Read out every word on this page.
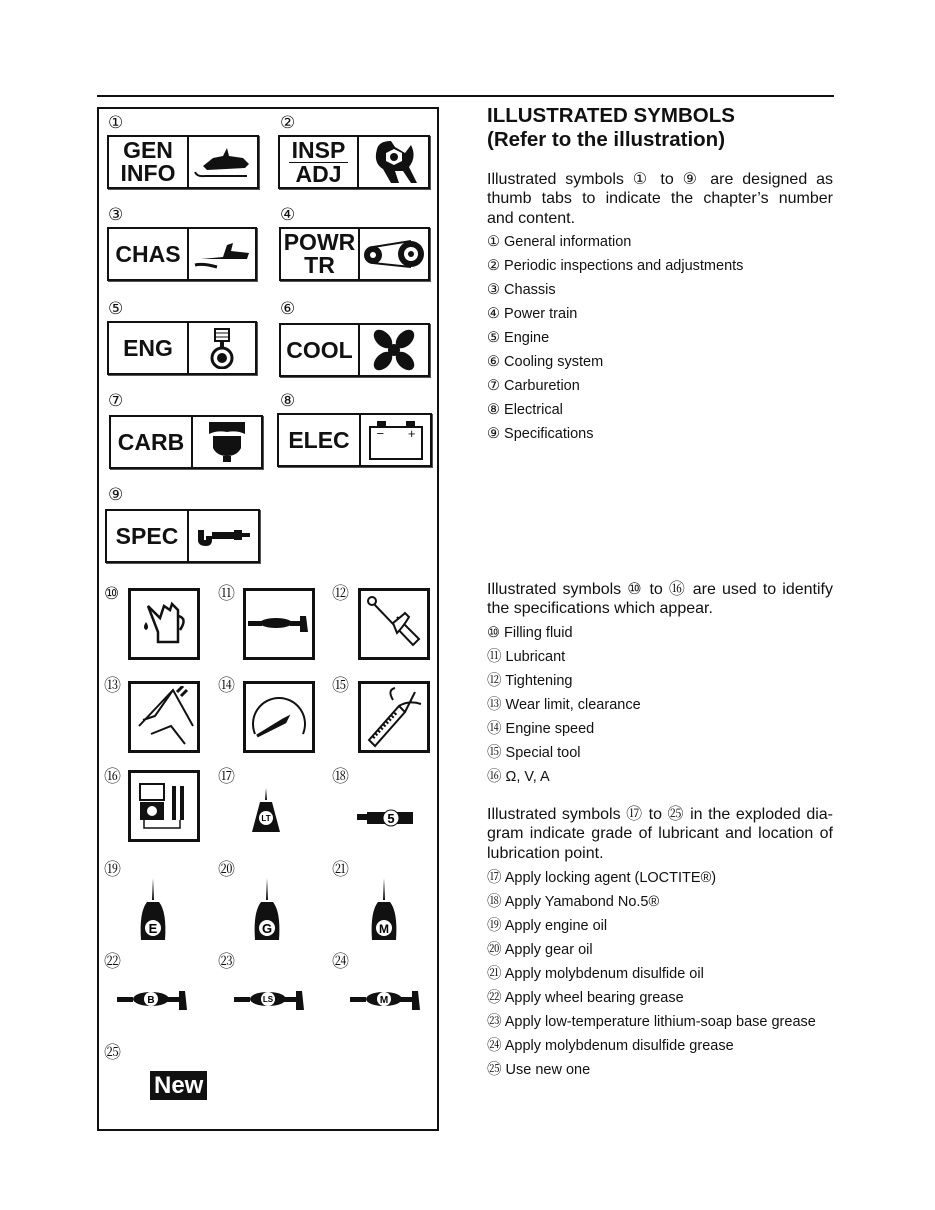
①
GEN
INFO
②
INSP
ADJ
③
CHAS
④
POWR
TR
⑤
ENG
⑥
COOL
⑦
CARB
⑧
ELEC − +
⑨
SPEC
⑩	⑪	⑫
⑬	⑭	⑮
⑯	⑰
LT
⑱
5
⑲
E
⑳
G
㉑
M
㉒
B
㉓
LS
㉔
M
㉕
New
ILLUSTRATED SYMBOLS
(Refer to the illustration)
Illustrated symbols ① to ⑨ are designed as
thumb tabs to indicate the chapter’s number
and content.
Illustrated symbols ⑩ to ⑯ are used to identify
the specifications which appear.
Illustrated symbols ⑰ to ㉕ in the exploded dia-
gram indicate grade of lubricant and location of
lubrication point.
① General information
② Periodic inspections and adjustments
③ Chassis
④ Power train
⑤ Engine
⑥ Cooling system
⑦ Carburetion
⑧ Electrical
⑨ Specifications
⑩ Filling fluid
⑪ Lubricant
⑫ Tightening
⑬ Wear limit, clearance
⑭ Engine speed
⑮ Special tool
⑯ Ω, V, A
⑰ Apply locking agent (LOCTITE®)
⑱ Apply Yamabond No.5®
⑲ Apply engine oil
⑳ Apply gear oil
㉑ Apply molybdenum disulfide oil
㉒ Apply wheel bearing grease
㉓ Apply low-temperature lithium-soap base grease
㉔ Apply molybdenum disulfide grease
㉕ Use new one
